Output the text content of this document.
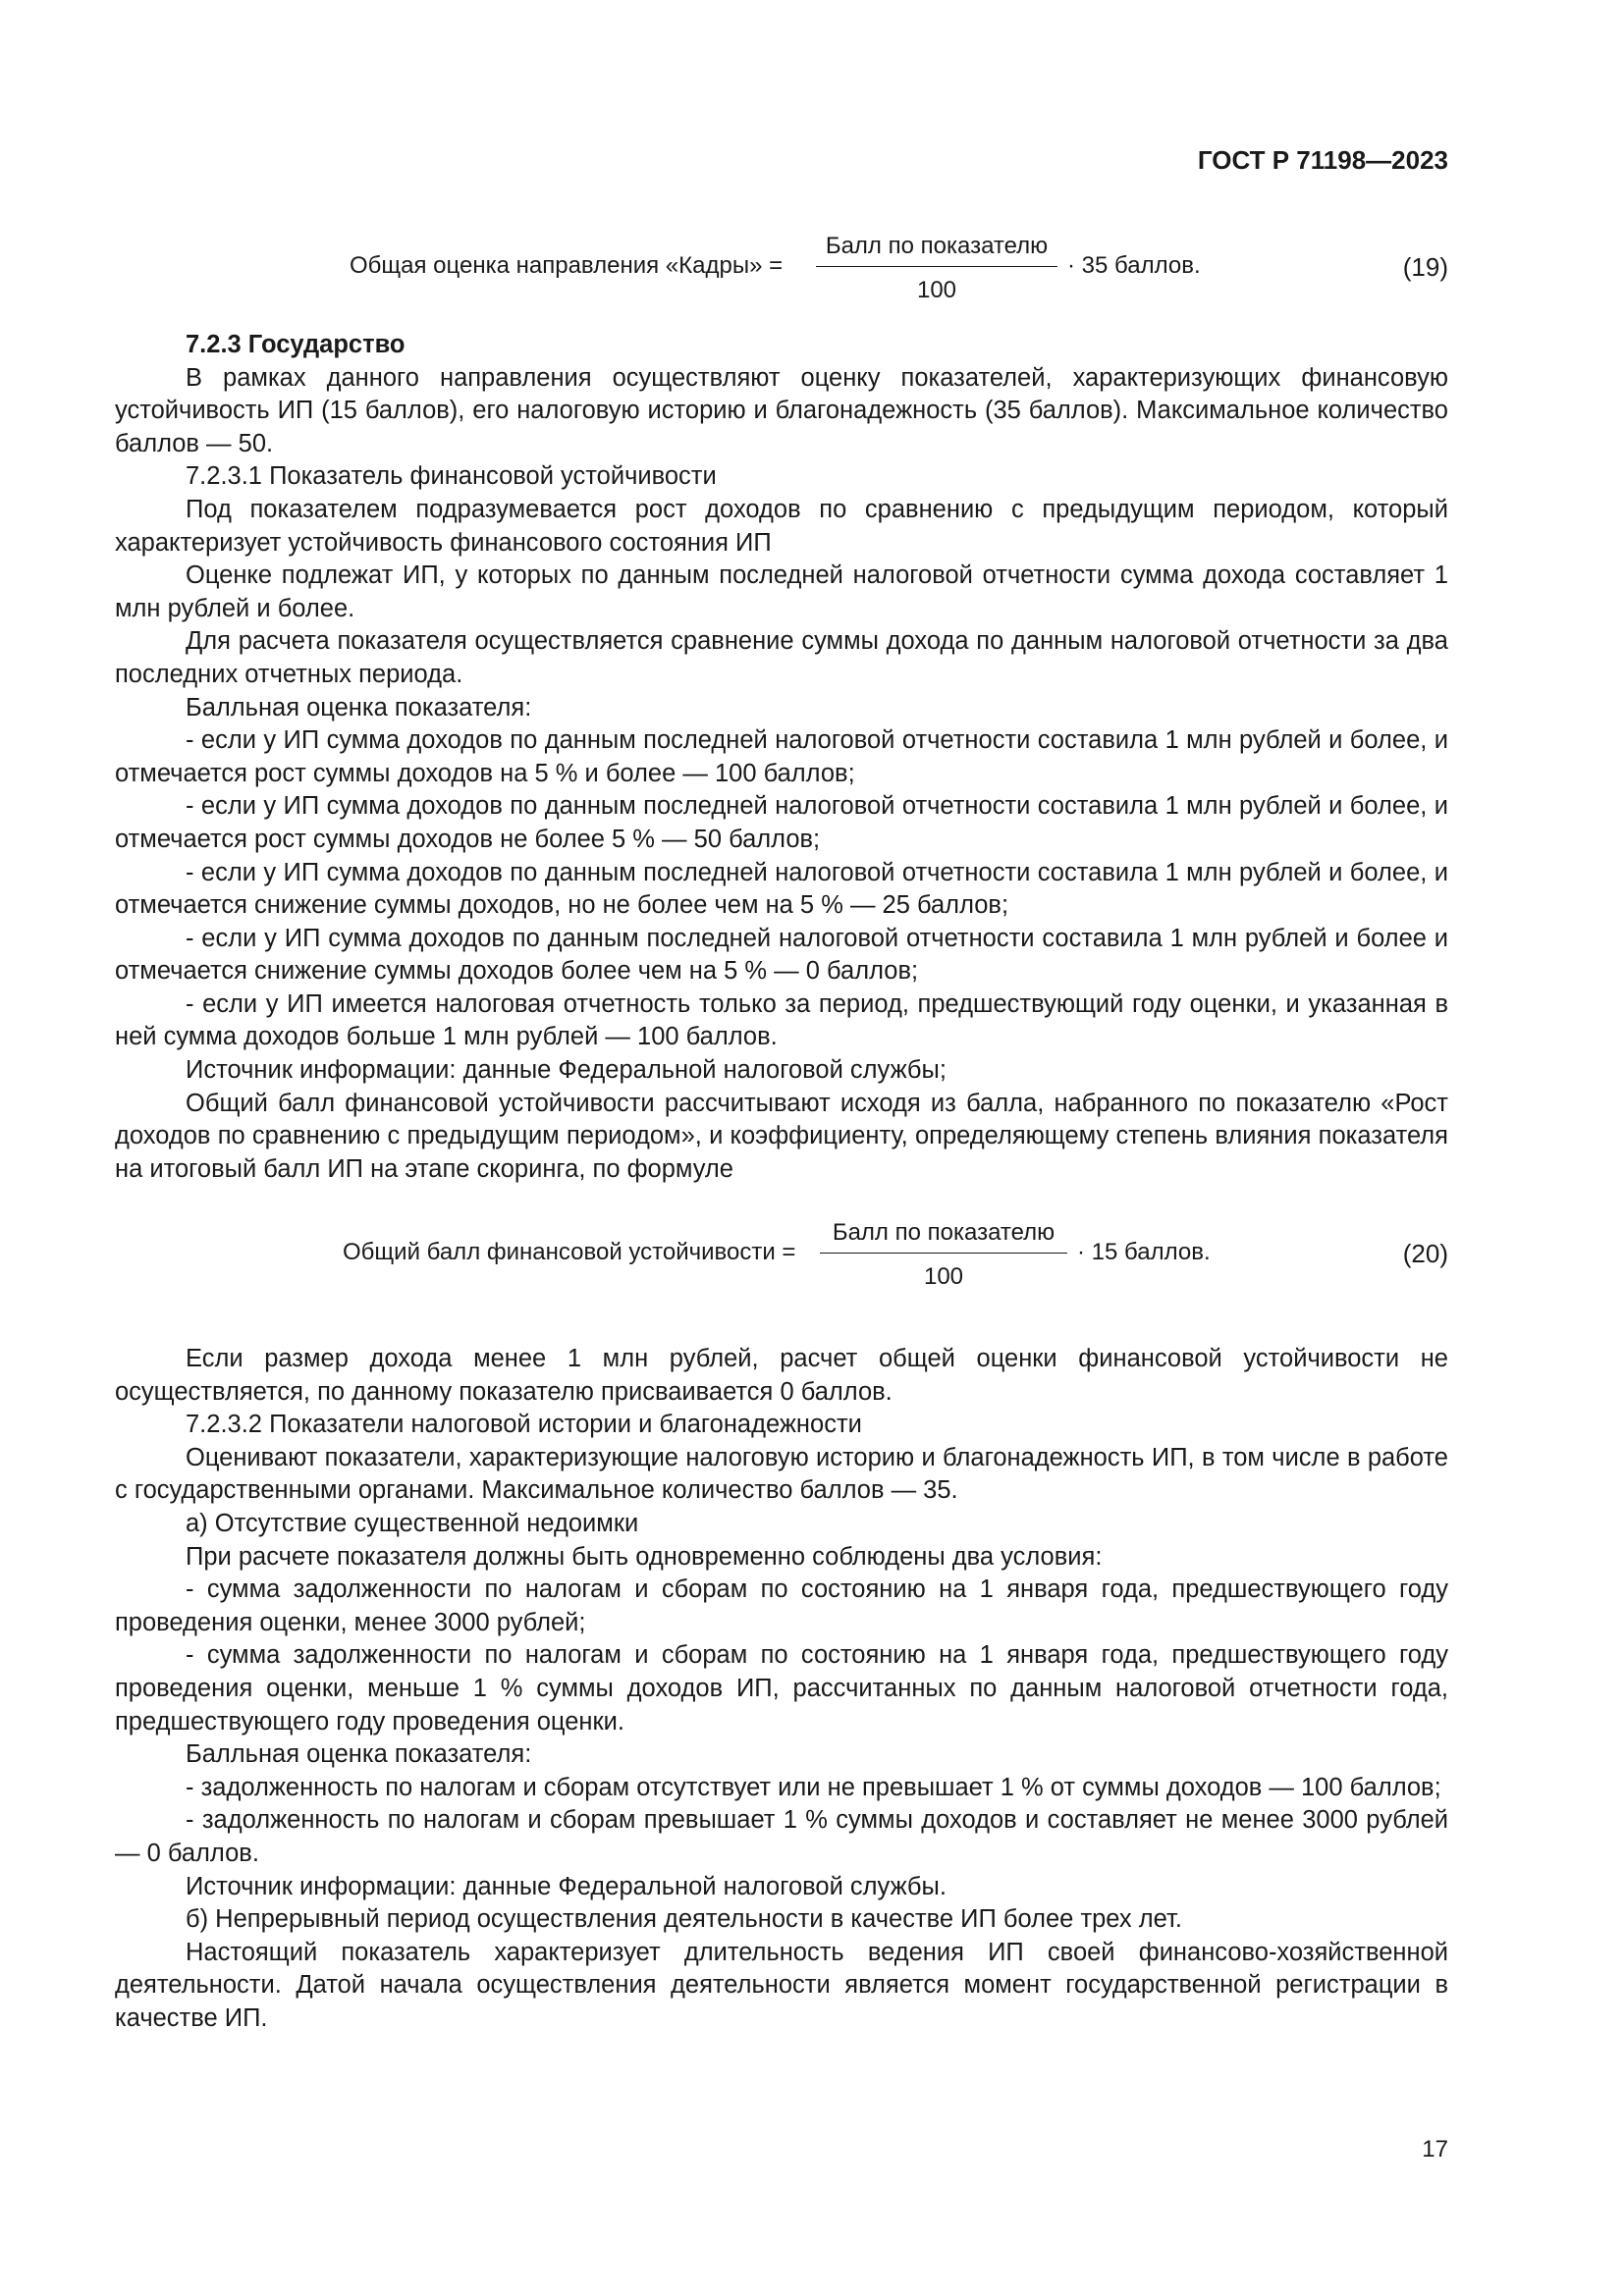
ГОСТ Р 71198—2023
Общая оценка направления «Кадры» =
Балл по показателю
100
· 35 баллов.	(19)

7.2.3 Государство

В рамках данного направления осуществляют оценку показателей, характеризующих финансовую устойчивость ИП (15 баллов), его налоговую историю и благонадежность (35 баллов). Максимальное количество баллов — 50.

7.2.3.1 Показатель финансовой устойчивости

Под показателем подразумевается рост доходов по сравнению с предыдущим периодом, который характеризует устойчивость финансового состояния ИП

Оценке подлежат ИП, у которых по данным последней налоговой отчетности сумма дохода составляет 1 млн рублей и более.

Для расчета показателя осуществляется сравнение суммы дохода по данным налоговой отчетности за два последних отчетных периода.

Балльная оценка показателя:

- если у ИП сумма доходов по данным последней налоговой отчетности составила 1 млн рублей и более, и отмечается рост суммы доходов на 5 % и более — 100 баллов;

- если у ИП сумма доходов по данным последней налоговой отчетности составила 1 млн рублей и более, и отмечается рост суммы доходов не более 5 % — 50 баллов;

- если у ИП сумма доходов по данным последней налоговой отчетности составила 1 млн рублей и более, и отмечается снижение суммы доходов, но не более чем на 5 % — 25 баллов;

- если у ИП сумма доходов по данным последней налоговой отчетности составила 1 млн рублей и более и отмечается снижение суммы доходов более чем на 5 % — 0 баллов;

- если у ИП имеется налоговая отчетность только за период, предшествующий году оценки, и указанная в ней сумма доходов больше 1 млн рублей — 100 баллов.

Источник информации: данные Федеральной налоговой службы;

Общий балл финансовой устойчивости рассчитывают исходя из балла, набранного по показателю «Рост доходов по сравнению с предыдущим периодом», и коэффициенту, определяющему степень влияния показателя на итоговый балл ИП на этапе скоринга, по формуле

Общий балл финансовой устойчивости =
Балл по показателю
100
· 15 баллов.	(20)

Если размер дохода менее 1 млн рублей, расчет общей оценки финансовой устойчивости не осуществляется, по данному показателю присваивается 0 баллов.

7.2.3.2 Показатели налоговой истории и благонадежности

Оценивают показатели, характеризующие налоговую историю и благонадежность ИП, в том числе в работе с государственными органами. Максимальное количество баллов — 35.

а) Отсутствие существенной недоимки

При расчете показателя должны быть одновременно соблюдены два условия:

- сумма задолженности по налогам и сборам по состоянию на 1 января года, предшествующего году проведения оценки, менее 3000 рублей;

- сумма задолженности по налогам и сборам по состоянию на 1 января года, предшествующего году проведения оценки, меньше 1 % суммы доходов ИП, рассчитанных по данным налоговой отчетности года, предшествующего году проведения оценки.

Балльная оценка показателя:

- задолженность по налогам и сборам отсутствует или не превышает 1 % от суммы доходов — 100 баллов;

- задолженность по налогам и сборам превышает 1 % суммы доходов и составляет не менее 3000 рублей — 0 баллов.

Источник информации: данные Федеральной налоговой службы.

б) Непрерывный период осуществления деятельности в качестве ИП более трех лет.

Настоящий показатель характеризует длительность ведения ИП своей финансово-хозяйственной деятельности. Датой начала осуществления деятельности является момент государственной регистрации в качестве ИП.

17
